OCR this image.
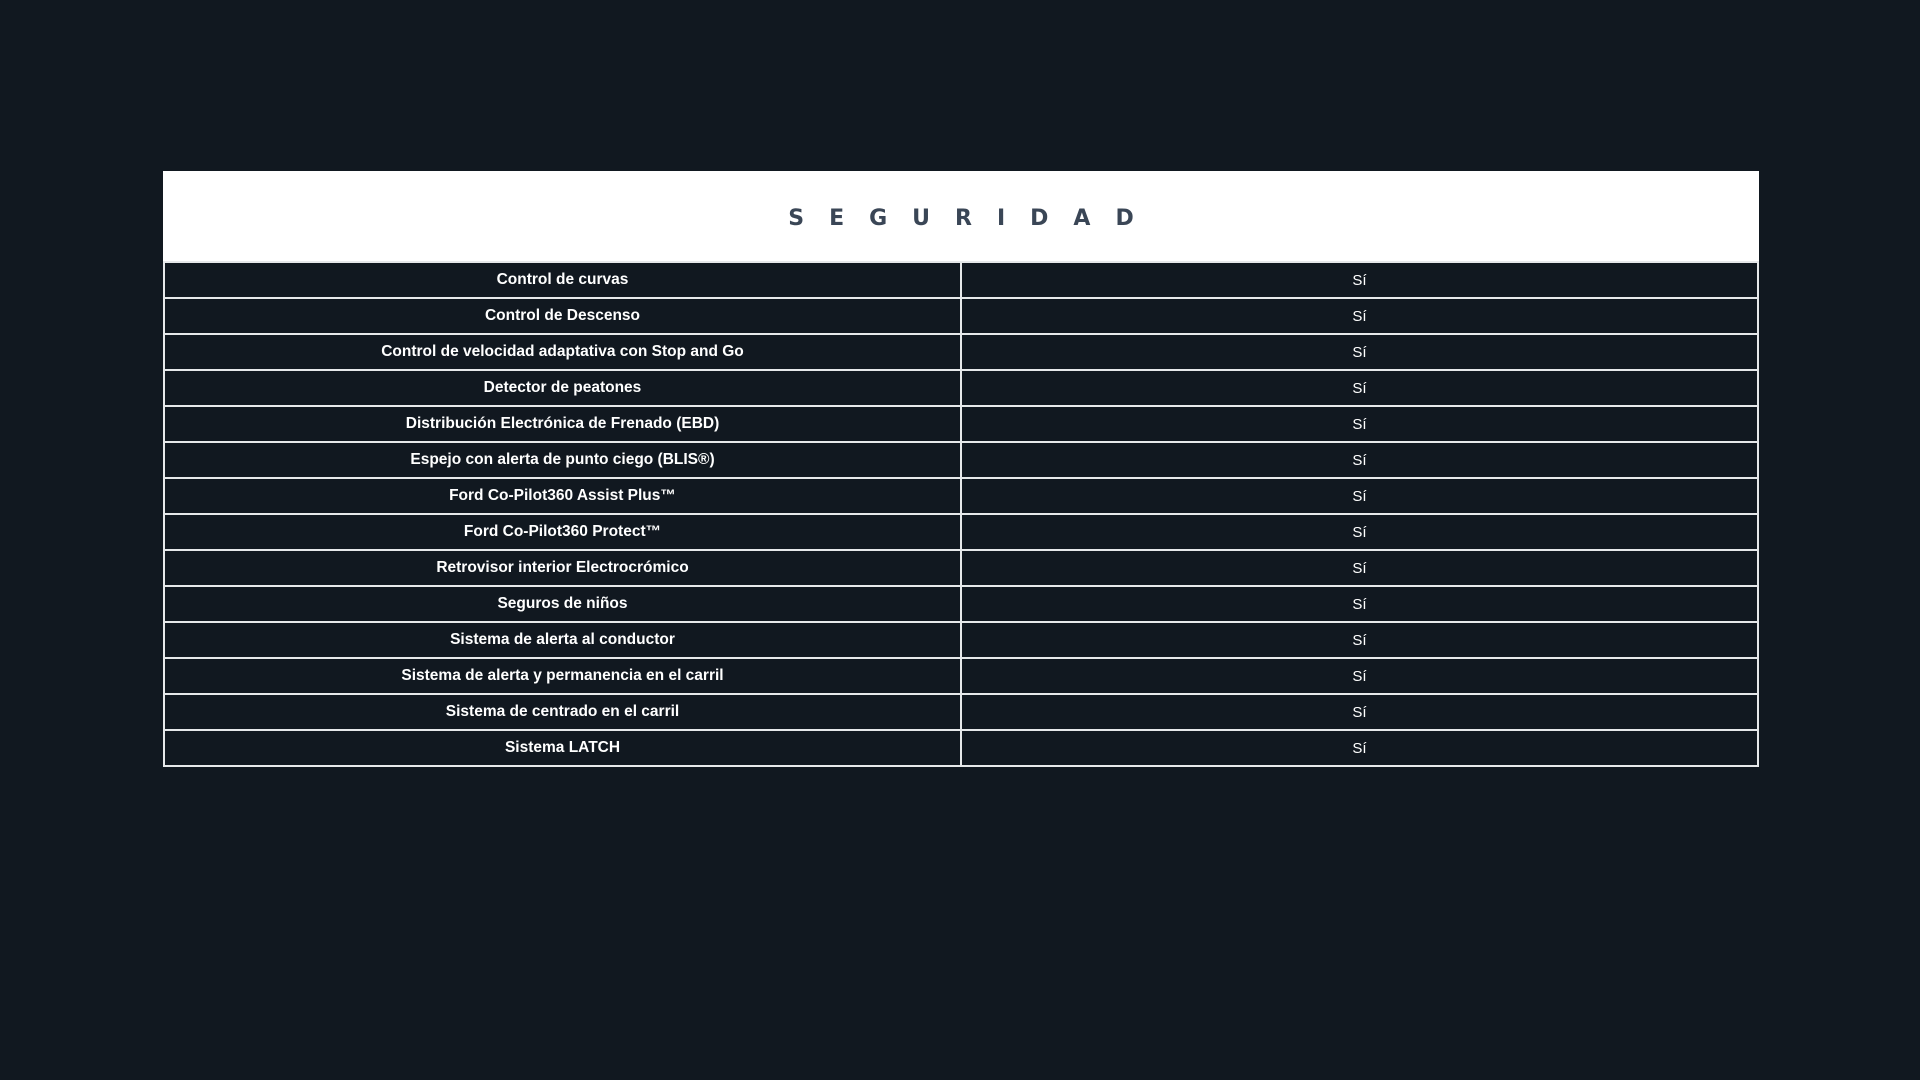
SEGURIDAD
Control de curvas	Sí
Control de Descenso	Sí
Control de velocidad adaptativa con Stop and Go	Sí
Detector de peatones	Sí
Distribución Electrónica de Frenado (EBD)	Sí
Espejo con alerta de punto ciego (BLIS®)	Sí
Ford Co-Pilot360 Assist Plus™	Sí
Ford Co-Pilot360 Protect™	Sí
Retrovisor interior Electrocrómico	Sí
Seguros de niños	Sí
Sistema de alerta al conductor	Sí
Sistema de alerta y permanencia en el carril	Sí
Sistema de centrado en el carril	Sí
Sistema LATCH	Sí
